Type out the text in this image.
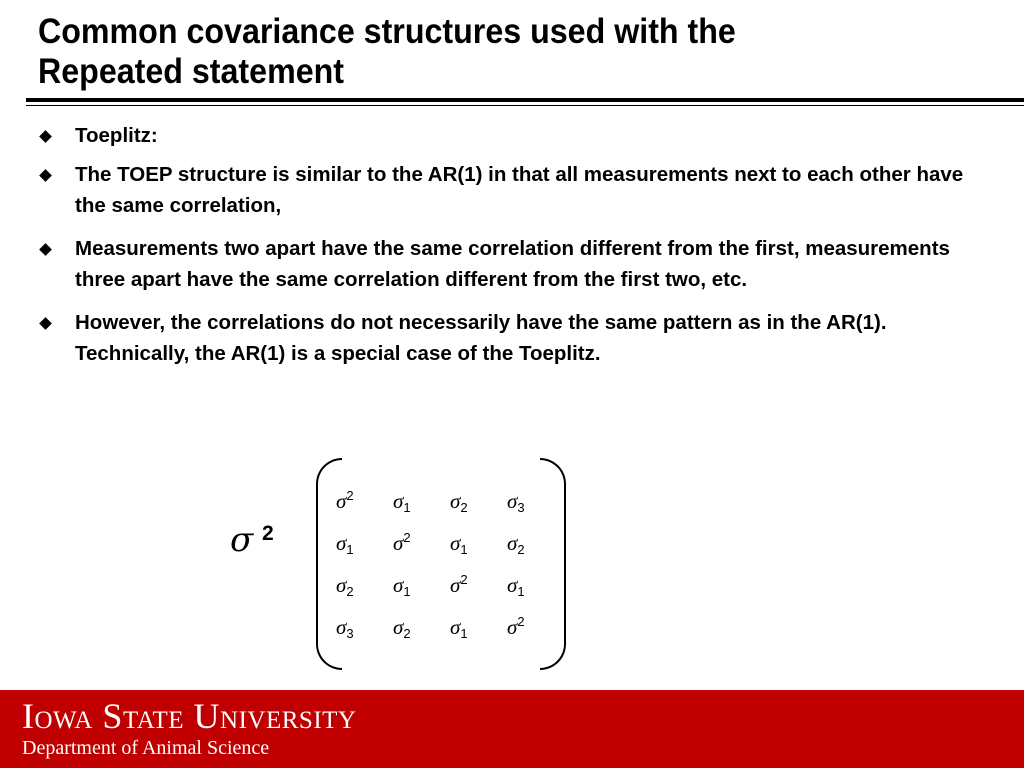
Common covariance structures used with the
Repeated statement
Toeplitz:
The TOEP structure is similar to the AR(1) in that all measurements next to each other have the same correlation,
Measurements two apart have the same correlation different from the first, measurements three apart have the same correlation different from the first two, etc.
However, the correlations do not necessarily have the same pattern as in the AR(1). Technically, the AR(1) is a special case of the Toeplitz.
σ 2
$\sigma^2$	$\sigma_1$	$\sigma_2$	$\sigma_3$
$\sigma_1$	$\sigma^2$	$\sigma_1$	$\sigma_2$
$\sigma_2$	$\sigma_1$	$\sigma^2$	$\sigma_1$
$\sigma_3$	$\sigma_2$	$\sigma_1$	$\sigma^2$
Iowa State University
Department of Animal Science
